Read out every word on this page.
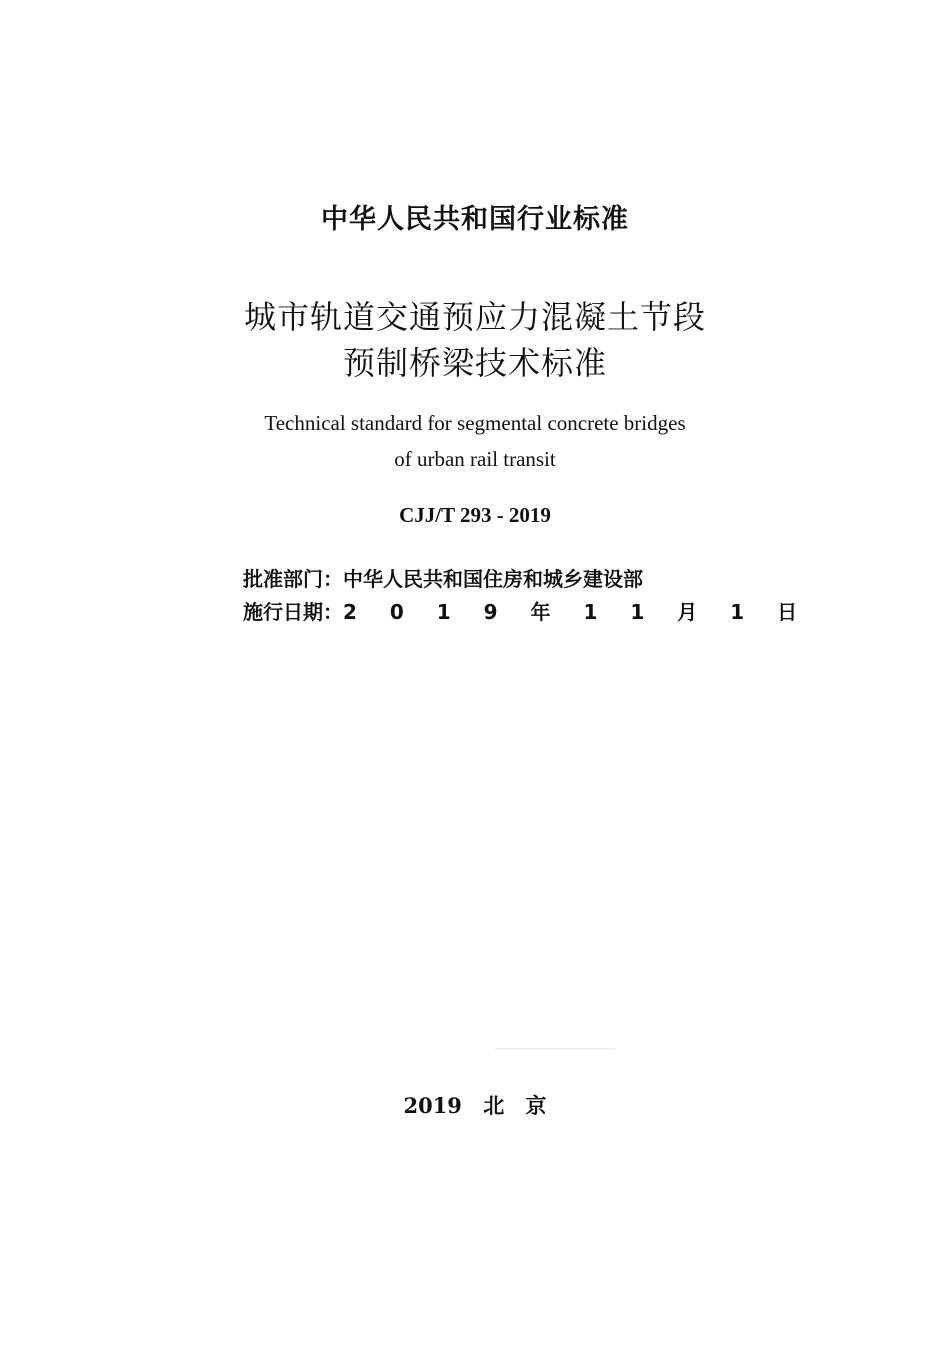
中华人民共和国行业标准
城市轨道交通预应力混凝土节段
预制桥梁技术标准
Technical standard for segmental concrete bridges
of urban rail transit
CJJ/T 293 - 2019
批准部门：中华人民共和国住房和城乡建设部
施行日期：2 0 1 9 年 1 1 月 1 日
2019 北 京
